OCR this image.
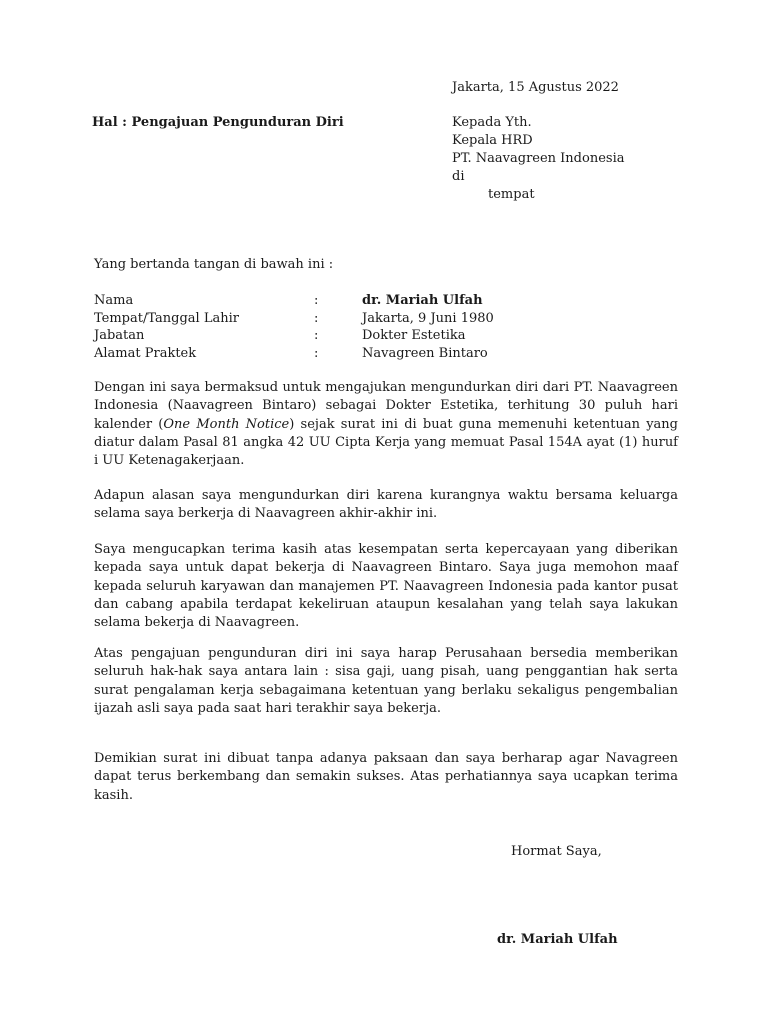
Jakarta, 15 Agustus 2022
Hal : Pengajuan Pengunduran Diri	Kepada Yth.
Kepala HRD
PT. Naavagreen Indonesia
di
tempat
Yang bertanda tangan di bawah ini :
Nama	:	dr. Mariah Ulfah
Tempat/Tanggal Lahir	:	Jakarta, 9 Juni 1980
Jabatan	:	Dokter Estetika
Alamat Praktek	:	Navagreen Bintaro

Dengan ini saya bermaksud untuk mengajukan mengundurkan diri dari PT. Naavagreen Indonesia (Naavagreen Bintaro) sebagai Dokter Estetika, terhitung 30 puluh hari kalender (One Month Notice) sejak surat ini di buat guna memenuhi ketentuan yang diatur dalam Pasal 81 angka 42 UU Cipta Kerja yang memuat Pasal 154A ayat (1) huruf i UU Ketenagakerjaan.

Adapun alasan saya mengundurkan diri karena kurangnya waktu bersama keluarga selama saya berkerja di Naavagreen akhir-akhir ini.

Saya mengucapkan terima kasih atas kesempatan serta kepercayaan yang diberikan kepada saya untuk dapat bekerja di Naavagreen Bintaro. Saya juga memohon maaf kepada seluruh karyawan dan manajemen PT. Naavagreen Indonesia pada kantor pusat dan cabang apabila terdapat kekeliruan ataupun kesalahan yang telah saya lakukan selama bekerja di Naavagreen.

Atas pengajuan pengunduran diri ini saya harap Perusahaan bersedia memberikan seluruh hak-hak saya antara lain : sisa gaji, uang pisah, uang penggantian hak serta surat pengalaman kerja sebagaimana ketentuan yang berlaku sekaligus pengembalian ijazah asli saya pada saat hari terakhir saya bekerja.

Demikian surat ini dibuat tanpa adanya paksaan dan saya berharap agar Navagreen dapat terus berkembang dan semakin sukses. Atas perhatiannya saya ucapkan terima kasih.

Hormat Saya,
dr. Mariah Ulfah
